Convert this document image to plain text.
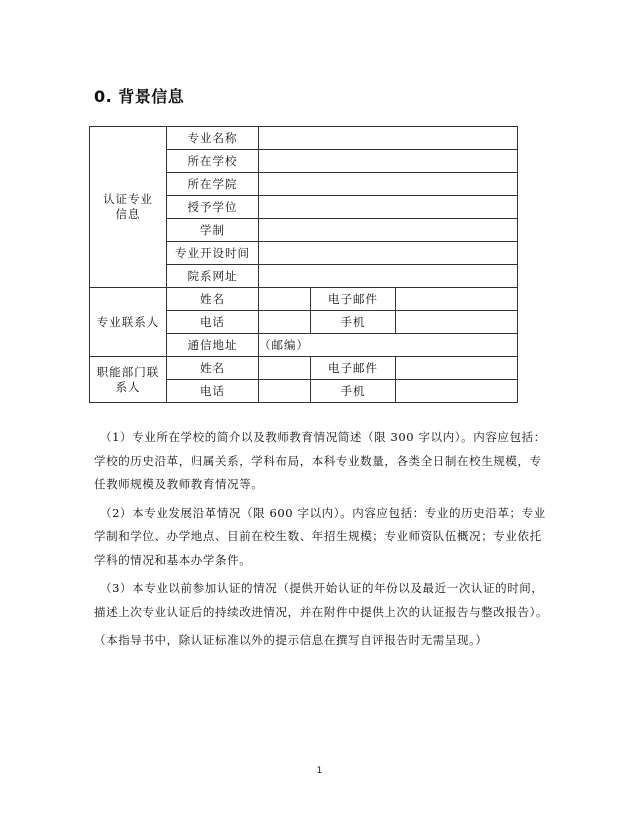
0. 背景信息
认证专业信息	专业名称			
	所在学校			
	所在学院			
	授予学位			
	学制			
	专业开设时间			
	院系网址			
专业联系人	姓名		电子邮件	
	电话		手机	
	通信地址	（邮编）		
职能部门联系人	姓名		电子邮件	
	电话		手机	

（1）专业所在学校的简介以及教师教育情况简述（限 300 字以内）。内容应包括：学校的历史沿革，归属关系，学科布局，本科专业数量，各类全日制在校生规模，专任教师规模及教师教育情况等。

（2）本专业发展沿革情况（限 600 字以内）。内容应包括：专业的历史沿革；专业学制和学位、办学地点、目前在校生数、年招生规模；专业师资队伍概况；专业依托学科的情况和基本办学条件。

（3）本专业以前参加认证的情况（提供开始认证的年份以及最近一次认证的时间，描述上次专业认证后的持续改进情况，并在附件中提供上次的认证报告与整改报告）。

（本指导书中，除认证标准以外的提示信息在撰写自评报告时无需呈现。）

1
